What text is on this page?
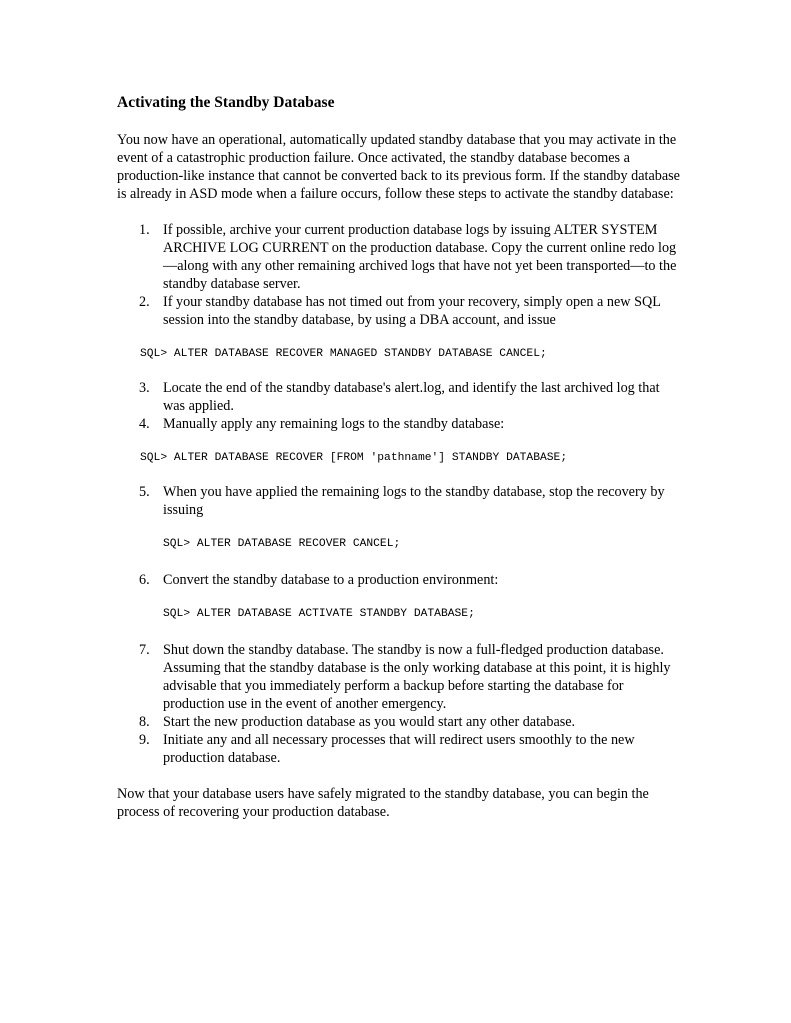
Activating the Standby Database

You now have an operational, automatically updated standby database that you may activate in the event of a catastrophic production failure. Once activated, the standby database becomes a production-like instance that cannot be converted back to its previous form. If the standby database is already in ASD mode when a failure occurs, follow these steps to activate the standby database:

1. If possible, archive your current production database logs by issuing ALTER SYSTEM ARCHIVE LOG CURRENT on the production database. Copy the current online redo log—along with any other remaining archived logs that have not yet been transported—to the standby database server.
2. If your standby database has not timed out from your recovery, simply open a new SQL session into the standby database, by using a DBA account, and issue
SQL> ALTER DATABASE RECOVER MANAGED STANDBY DATABASE CANCEL;
3. Locate the end of the standby database's alert.log, and identify the last archived log that was applied.
4. Manually apply any remaining logs to the standby database:
SQL> ALTER DATABASE RECOVER [FROM 'pathname'] STANDBY DATABASE;
5. When you have applied the remaining logs to the standby database, stop the recovery by issuing
SQL> ALTER DATABASE RECOVER CANCEL;
6. Convert the standby database to a production environment:
SQL> ALTER DATABASE ACTIVATE STANDBY DATABASE;
7. Shut down the standby database. The standby is now a full-fledged production database. Assuming that the standby database is the only working database at this point, it is highly advisable that you immediately perform a backup before starting the database for production use in the event of another emergency.
8. Start the new production database as you would start any other database.
9. Initiate any and all necessary processes that will redirect users smoothly to the new production database.

Now that your database users have safely migrated to the standby database, you can begin the process of recovering your production database.
